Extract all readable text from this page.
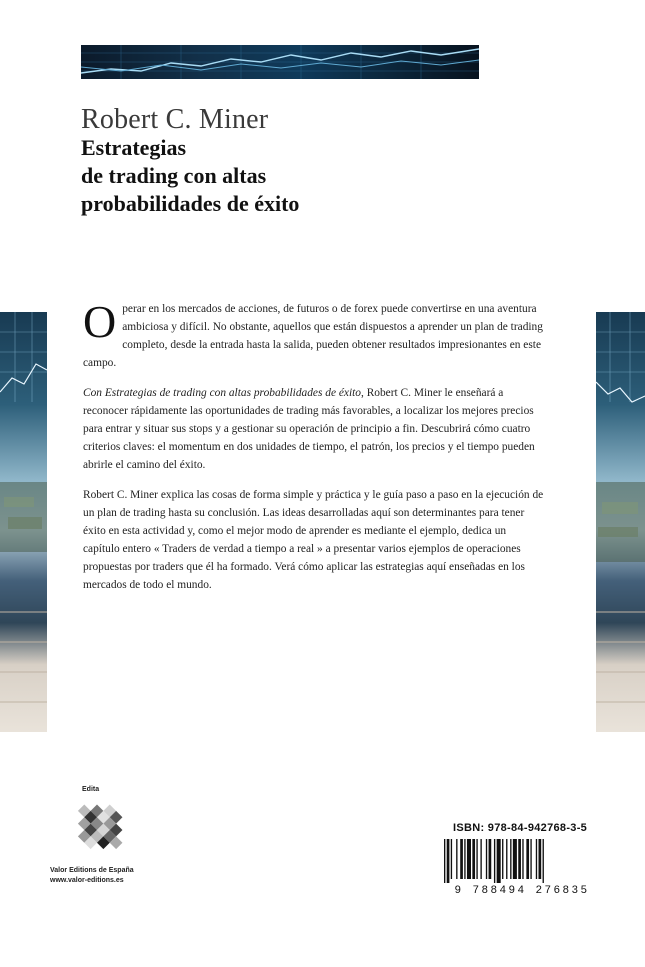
Robert C. Miner
Estrategias
de trading con altas
probabilidades de éxito

Operar en los mercados de acciones, de futuros o de forex puede convertirse en una aventura ambiciosa y difícil. No obstante, aquellos que están dispuestos a aprender un plan de trading completo, desde la entrada hasta la salida, pueden obtener resultados impresionantes en este campo.

Con Estrategias de trading con altas probabilidades de éxito, Robert C. Miner le enseñará a reconocer rápidamente las oportunidades de trading más favorables, a localizar los mejores precios para entrar y situar sus stops y a gestionar su operación de principio a fin. Descubrirá cómo cuatro criterios claves: el momentum en dos unidades de tiempo, el patrón, los precios y el tiempo pueden abrirle el camino del éxito.

Robert C. Miner explica las cosas de forma simple y práctica y le guía paso a paso en la ejecución de un plan de trading hasta su conclusión. Las ideas desarrolladas aquí son determinantes para tener éxito en esta actividad y, como el mejor modo de aprender es mediante el ejemplo, dedica un capítulo entero « Traders de verdad a tiempo a real » a presentar varios ejemplos de operaciones propuestas por traders que él ha formado. Verá cómo aplicar las estrategias aquí enseñadas en los mercados de todo el mundo.

Edita
Valor Editions de España
www.valor-editions.es
ISBN: 978-84-942768-3-5
9 788494 276835
